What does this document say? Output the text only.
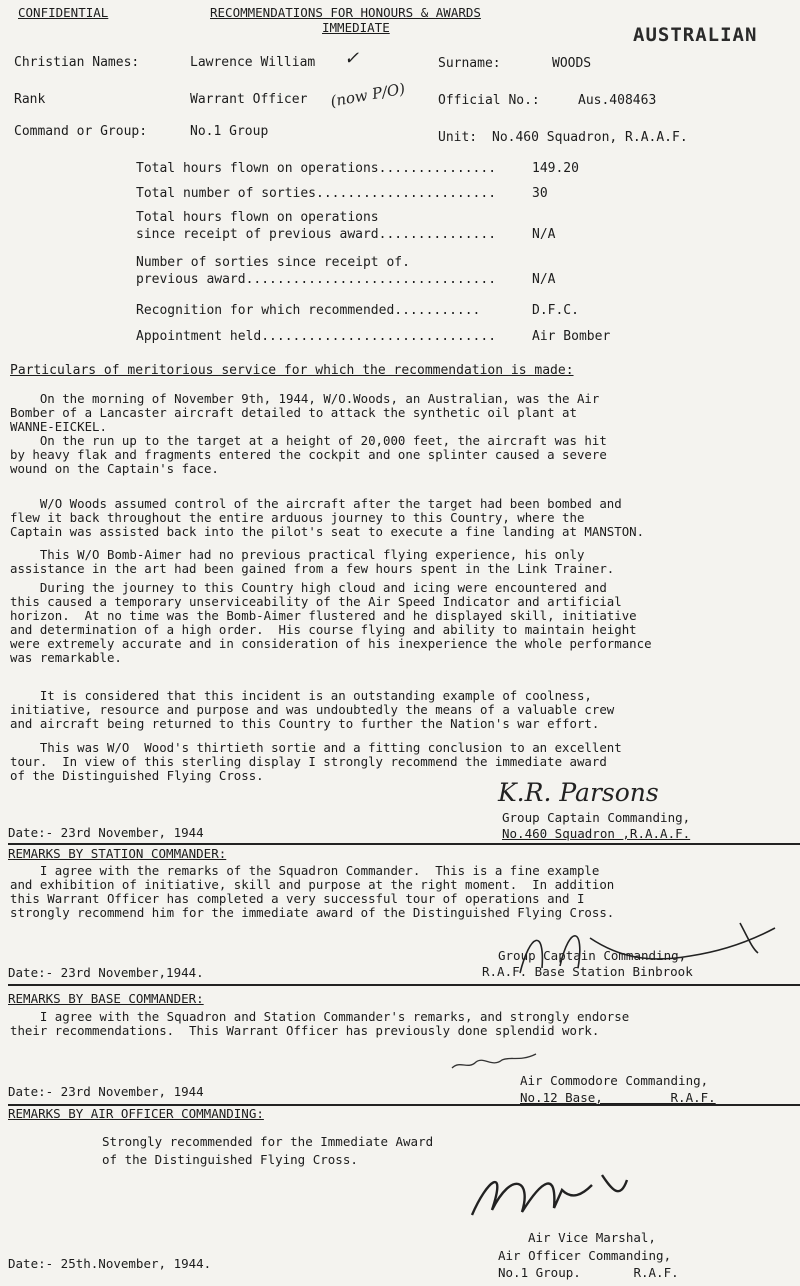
CONFIDENTIAL	RECOMMENDATIONS FOR HONOURS & AWARDS
IMMEDIATE	AUSTRALIAN
Christian Names:	Lawrence William ✓	Surname:	WOODS
Rank	Warrant Officer (now P/O) Official No.:	Aus.408463
Command or Group:	No.1 Group	Unit: No.460 Squadron, R.A.A.F.
Total hours flown on operations...............	149.20
Total number of sorties.......................	30
Total hours flown on operations
since receipt of previous award...............	N/A
Number of sorties since receipt of.
previous award................................	N/A
Recognition for which recommended...........	D.F.C.
Appointment held..............................	Air Bomber
Particulars of meritorious service for which the recommendation is made:
On the morning of November 9th, 1944, W/O.Woods, an Australian, was the Air
Bomber of a Lancaster aircraft detailed to attack the synthetic oil plant at
WANNE-EICKEL.
On the run up to the target at a height of 20,000 feet, the aircraft was hit
by heavy flak and fragments entered the cockpit and one splinter caused a severe
wound on the Captain's face.
W/O Woods assumed control of the aircraft after the target had been bombed and
flew it back throughout the entire arduous journey to this Country, where the
Captain was assisted back into the pilot's seat to execute a fine landing at MANSTON.
This W/O Bomb-Aimer had no previous practical flying experience, his only
assistance in the art had been gained from a few hours spent in the Link Trainer.
During the journey to this Country high cloud and icing were encountered and
this caused a temporary unserviceability of the Air Speed Indicator and artificial
horizon.  At no time was the Bomb-Aimer flustered and he displayed skill, initiative
and determination of a high order.  His course flying and ability to maintain height
were extremely accurate and in consideration of his inexperience the whole performance
was remarkable.
It is considered that this incident is an outstanding example of coolness,
initiative, resource and purpose and was undoubtedly the means of a valuable crew
and aircraft being returned to this Country to further the Nation's war effort.
This was W/O  Wood's thirtieth sortie and a fitting conclusion to an excellent
tour.  In view of this sterling display I strongly recommend the immediate award
of the Distinguished Flying Cross.
K.R. Parsons
Group Captain Commanding,
No.460 Squadron ,R.A.A.F.
Date:- 23rd November, 1944
REMARKS BY STATION COMMANDER:
I agree with the remarks of the Squadron Commander.  This is a fine example
and exhibition of initiative, skill and purpose at the right moment.  In addition
this Warrant Officer has completed a very successful tour of operations and I
strongly recommend him for the immediate award of the Distinguished Flying Cross.
Group Captain Commanding,
R.A.F. Base Station Binbrook
Date:- 23rd November,1944.
REMARKS BY BASE COMMANDER:
I agree with the Squadron and Station Commander's remarks, and strongly endorse
their recommendations.  This Warrant Officer has previously done splendid work.
Air Commodore Commanding,
No.12 Base,         R.A.F.
Date:- 23rd November, 1944
REMARKS BY AIR OFFICER COMMANDING:
Strongly recommended for the Immediate Award
of the Distinguished Flying Cross.
Air Vice Marshal,
Air Officer Commanding,
No.1 Group.       R.A.F.
Date:- 25th.November, 1944.
